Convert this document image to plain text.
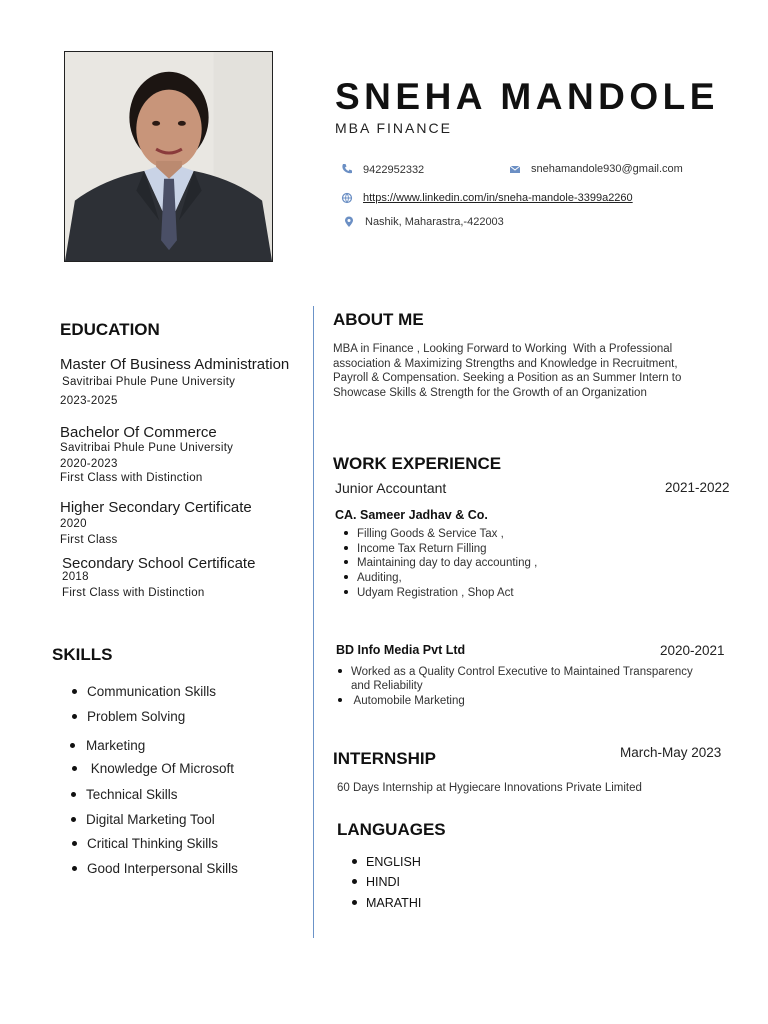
SNEHA MANDOLE
MBA FINANCE
9422952332	snehamandole930@gmail.com
https://www.linkedin.com/in/sneha-mandole-3399a2260
Nashik, Maharastra,-422003
EDUCATION
Master Of Business Administration
Savitribai Phule Pune University
2023-2025
Bachelor Of Commerce
Savitribai Phule Pune University
2020-2023
First Class with Distinction
Higher Secondary Certificate
2020
First Class
Secondary School Certificate
2018
First Class with Distinction
SKILLS
Communication Skills
Problem Solving
Marketing
Knowledge Of Microsoft
Technical Skills
Digital Marketing Tool
Critical Thinking Skills
Good Interpersonal Skills
ABOUT ME
MBA in Finance , Looking Forward to Working  With a Professional
association & Maximizing Strengths and Knowledge in Recruitment,
Payroll & Compensation. Seeking a Position as an Summer Intern to
Showcase Skills & Strength for the Growth of an Organization
WORK EXPERIENCE
Junior Accountant	2021-2022
CA. Sameer Jadhav & Co.
Filling Goods & Service Tax ,
Income Tax Return Filling
Maintaining day to day accounting ,
Auditing,
Udyam Registration , Shop Act
BD Info Media Pvt Ltd	2020-2021
Worked as a Quality Control Executive to Maintained Transparency
and Reliability
Automobile Marketing
INTERNSHIP	March-May 2023
60 Days Internship at Hygiecare Innovations Private Limited
LANGUAGES
ENGLISH
HINDI
MARATHI
